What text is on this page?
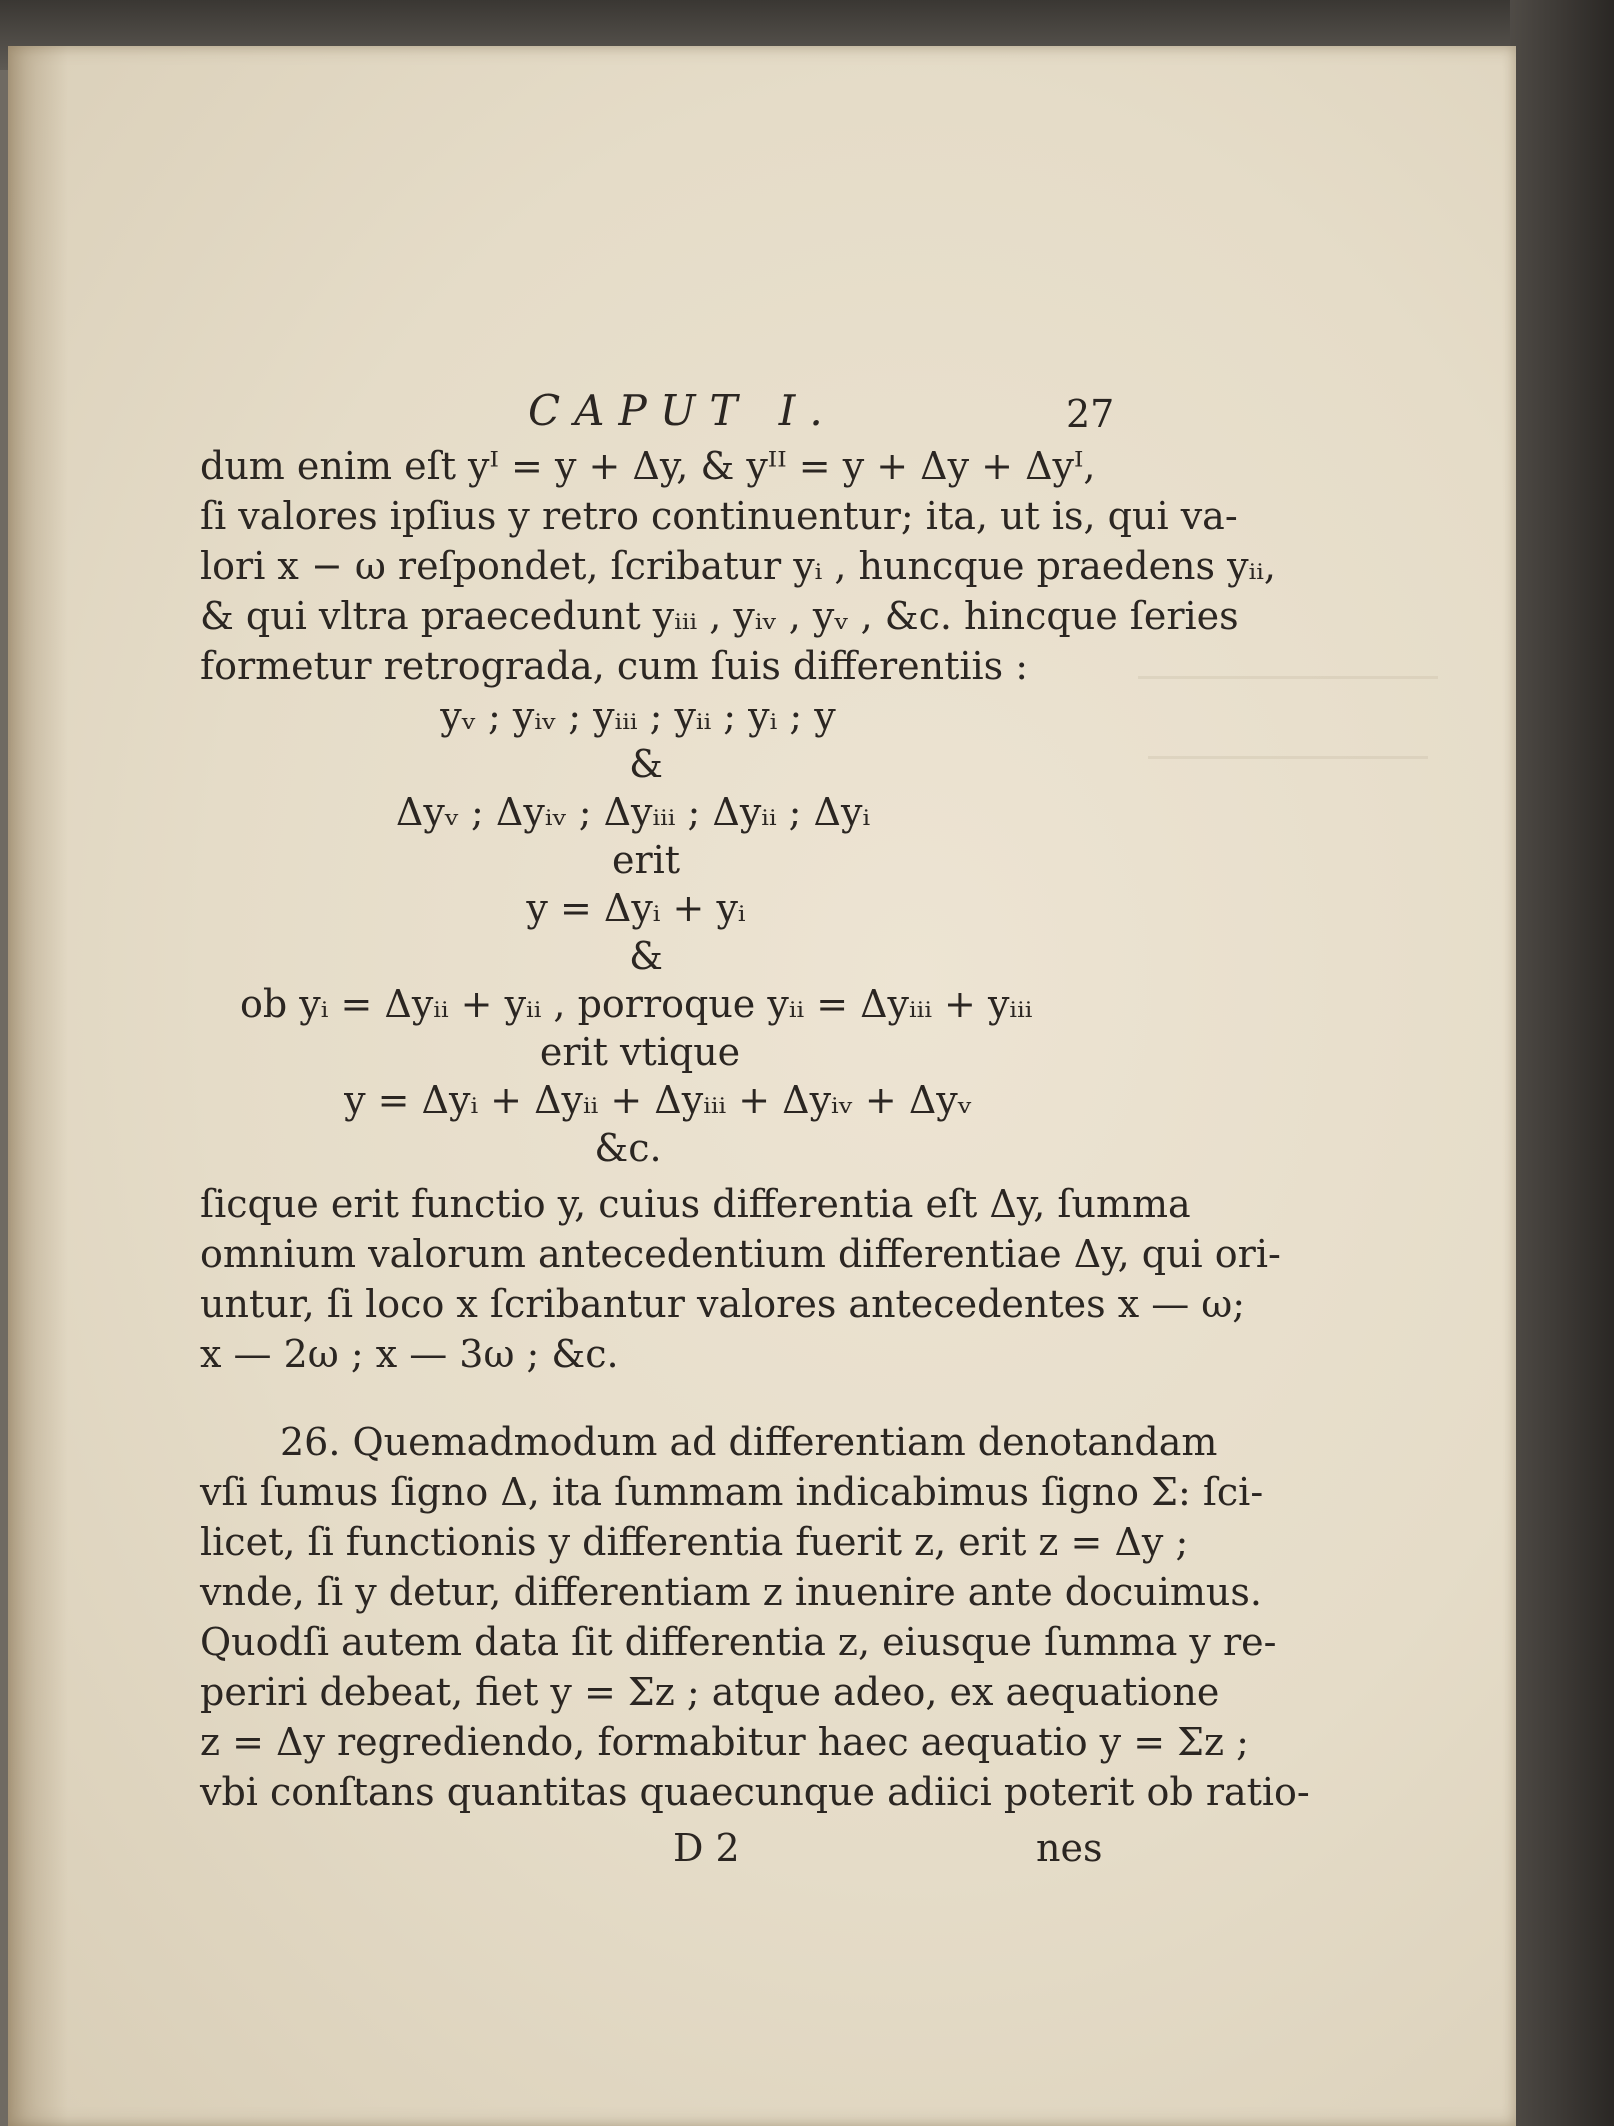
CAPUT I.	27
dum enim eſt yᴵ = y + Δy, & yᴵᴵ = y + Δy + Δyᴵ,
ſi valores ipſius y retro continuentur; ita, ut is, qui va-
lori x − ω reſpondet, ſcribatur yᵢ , huncque praedens yᵢᵢ,
& qui vltra praecedunt yᵢᵢᵢ , yᵢᵥ , yᵥ , &c. hincque ſeries
formetur retrograda, cum ſuis differentiis :
yᵥ ; yᵢᵥ ; yᵢᵢᵢ ; yᵢᵢ ; yᵢ ; y
&
Δyᵥ ; Δyᵢᵥ ; Δyᵢᵢᵢ ; Δyᵢᵢ ; Δyᵢ
erit
y = Δyᵢ + yᵢ
&
ob yᵢ = Δyᵢᵢ + yᵢᵢ , porroque yᵢᵢ = Δyᵢᵢᵢ + yᵢᵢᵢ
erit vtique
y = Δyᵢ + Δyᵢᵢ + Δyᵢᵢᵢ + Δyᵢᵥ + Δyᵥ
&c.
ſicque erit functio y, cuius differentia eſt Δy, ſumma
omnium valorum antecedentium differentiae Δy, qui ori-
untur, ſi loco x ſcribantur valores antecedentes x — ω;
x — 2ω ; x — 3ω ; &c.
26. Quemadmodum ad differentiam denotandam
vſi ſumus ſigno Δ, ita ſummam indicabimus ſigno Σ: ſci-
licet, ſi functionis y differentia fuerit z, erit z = Δy ;
vnde, ſi y detur, differentiam z inuenire ante docuimus.
Quodſi autem data ſit differentia z, eiusque ſumma y re-
periri debeat, fiet y = Σz ; atque adeo, ex aequatione
z = Δy regrediendo, formabitur haec aequatio y = Σz ;
vbi conſtans quantitas quaecunque adiici poterit ob ratio-
D 2	nes
